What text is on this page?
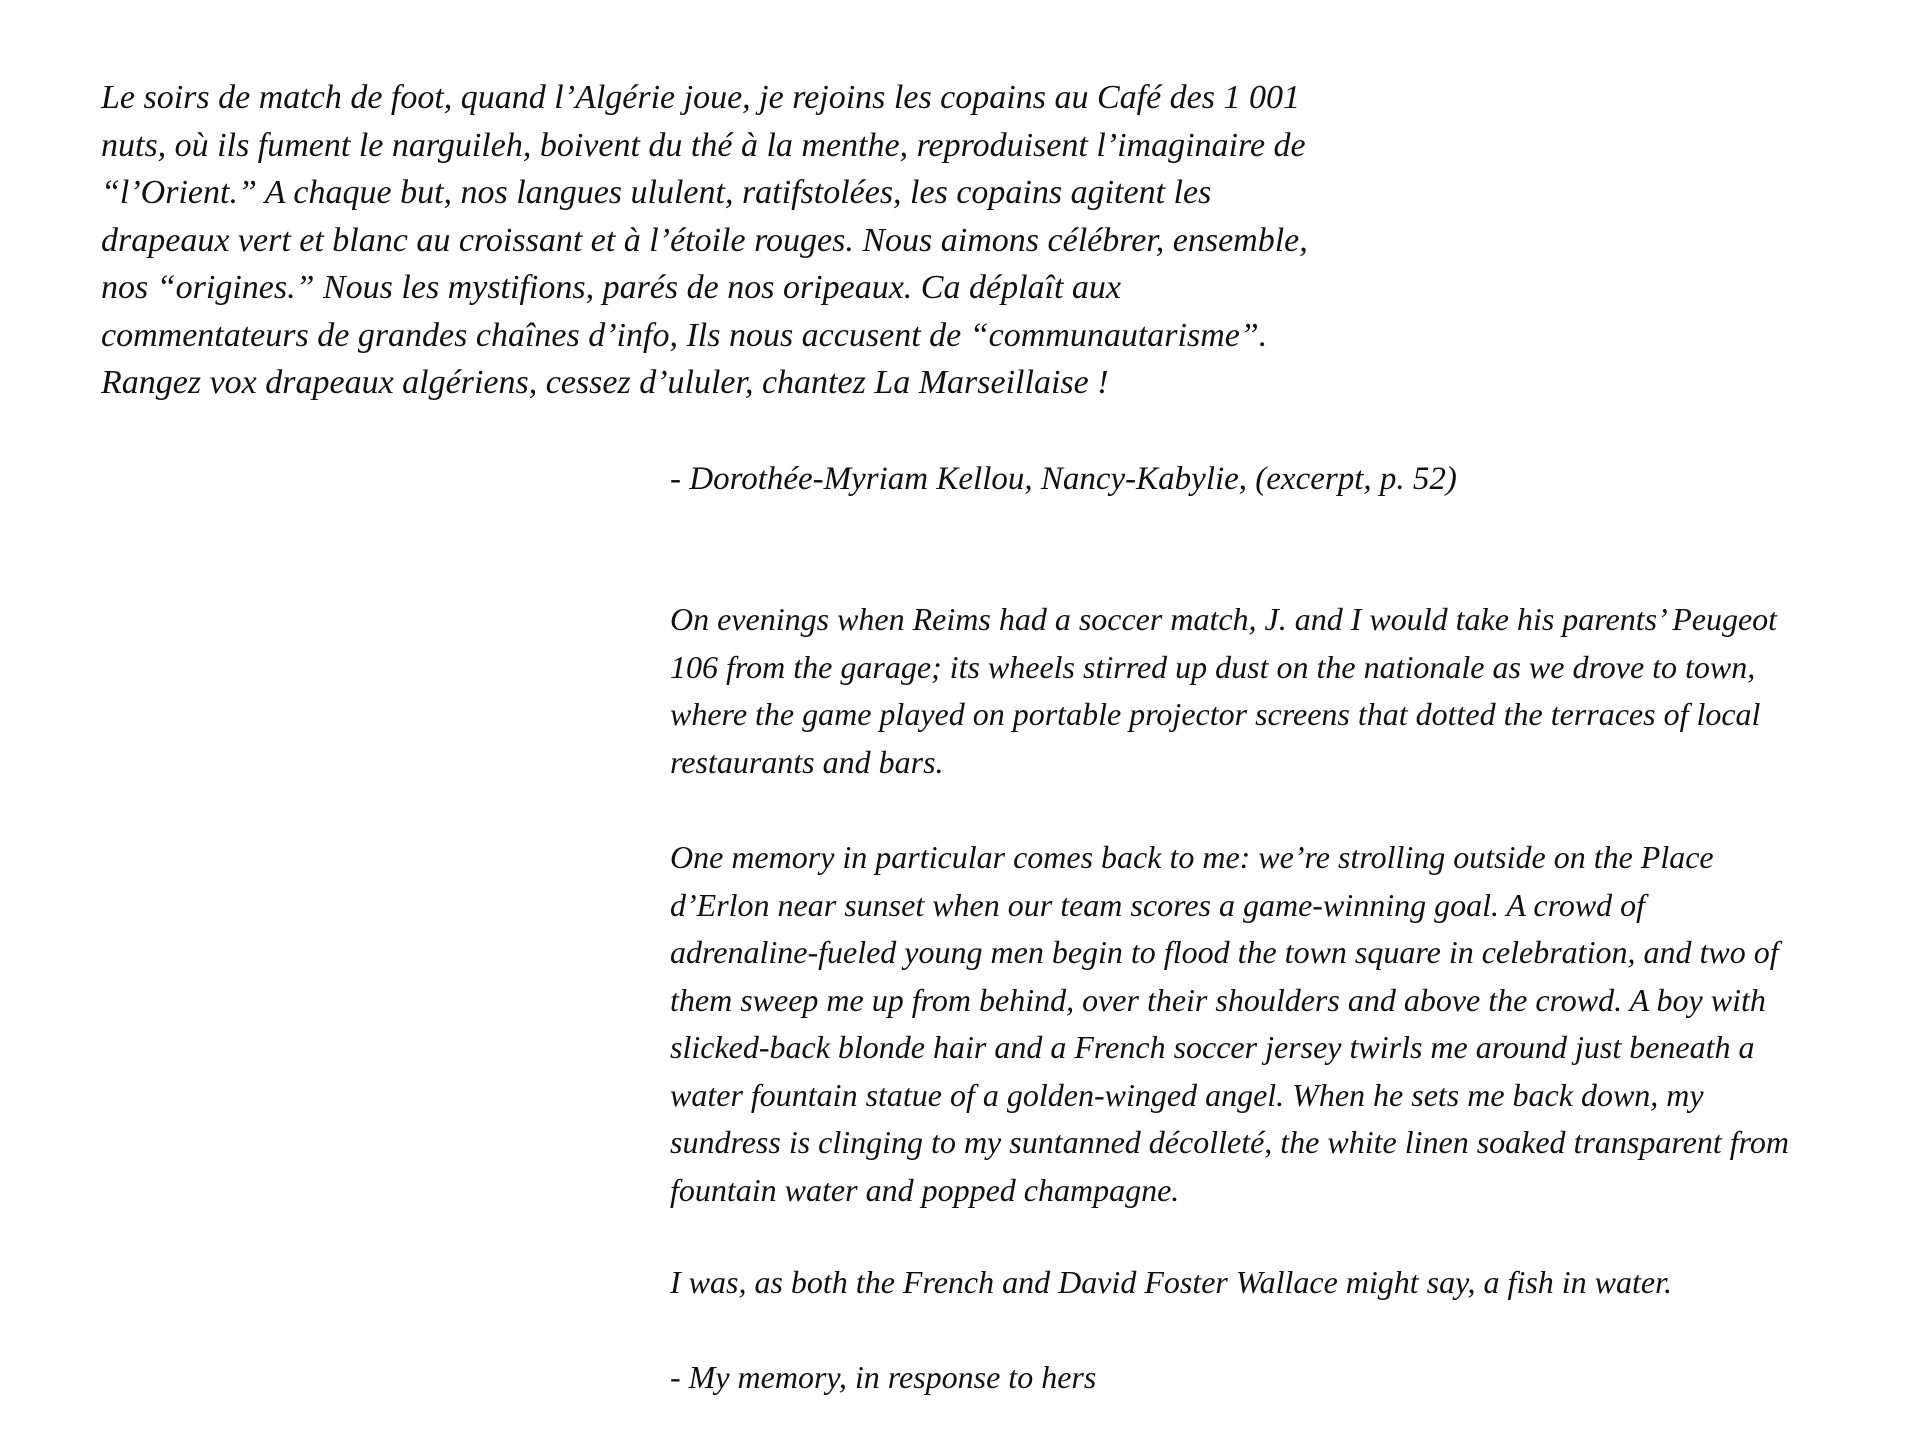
Le soirs de match de foot, quand l’Algérie joue, je rejoins les copains au Café des 1 001
nuts, où ils fument le narguileh, boivent du thé à la menthe, reproduisent l’imaginaire de
“l’Orient.” A chaque but, nos langues ululent, ratifstolées, les copains agitent les
drapeaux vert et blanc au croissant et à l’étoile rouges. Nous aimons célébrer, ensemble,
nos “origines.” Nous les mystifions, parés de nos oripeaux. Ca déplaît aux
commentateurs de grandes chaînes d’info, Ils nous accusent de “communautarisme”.
Rangez vox drapeaux algériens, cessez d’ululer, chantez La Marseillaise !
- Dorothée-Myriam Kellou, Nancy-Kabylie, (excerpt, p. 52)
On evenings when Reims had a soccer match, J. and I would take his parents’ Peugeot
106 from the garage; its wheels stirred up dust on the nationale as we drove to town,
where the game played on portable projector screens that dotted the terraces of local
restaurants and bars.
One memory in particular comes back to me: we’re strolling outside on the Place
d’Erlon near sunset when our team scores a game-winning goal. A crowd of
adrenaline-fueled young men begin to flood the town square in celebration, and two of
them sweep me up from behind, over their shoulders and above the crowd. A boy with
slicked-back blonde hair and a French soccer jersey twirls me around just beneath a
water fountain statue of a golden-winged angel. When he sets me back down, my
sundress is clinging to my suntanned décolleté, the white linen soaked transparent from
fountain water and popped champagne.
I was, as both the French and David Foster Wallace might say, a fish in water.
- My memory, in response to hers
